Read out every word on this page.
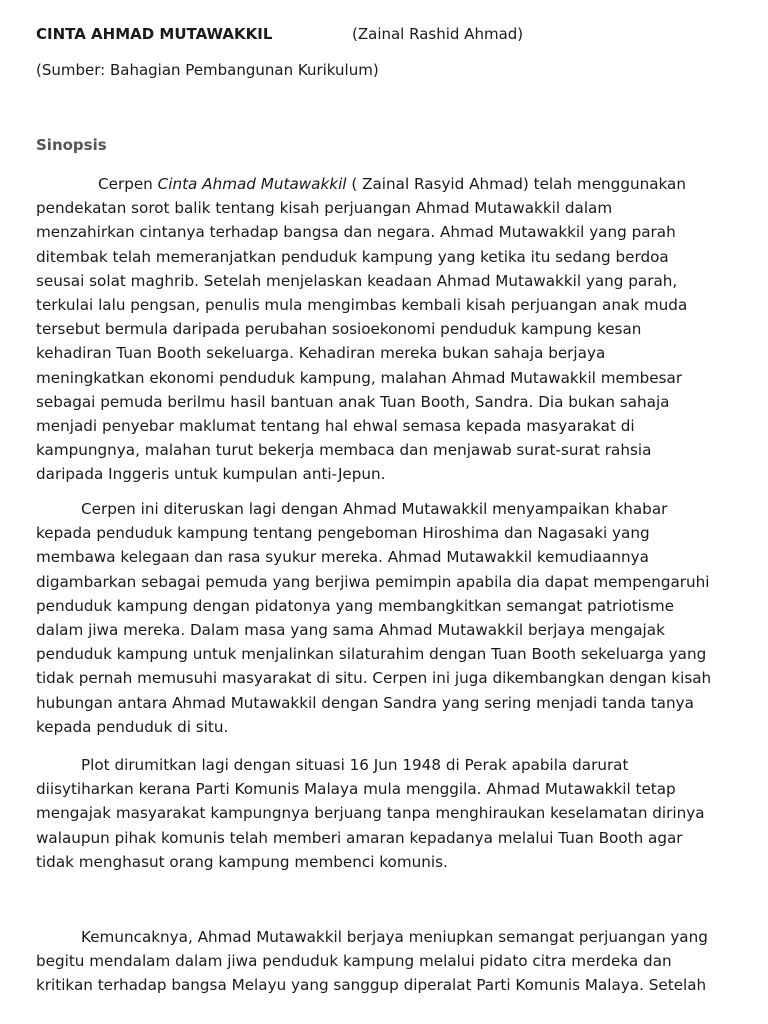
CINTA AHMAD MUTAWAKKIL	(Zainal Rashid Ahmad)
(Sumber: Bahagian Pembangunan Kurikulum)
Sinopsis
Cerpen Cinta Ahmad Mutawakkil ( Zainal Rasyid Ahmad) telah menggunakan
pendekatan sorot balik tentang kisah perjuangan Ahmad Mutawakkil dalam
menzahirkan cintanya terhadap bangsa dan negara. Ahmad Mutawakkil yang parah
ditembak telah memeranjatkan penduduk kampung yang ketika itu sedang berdoa
seusai solat maghrib. Setelah menjelaskan keadaan Ahmad Mutawakkil yang parah,
terkulai lalu pengsan, penulis mula mengimbas kembali kisah perjuangan anak muda
tersebut bermula daripada perubahan sosioekonomi penduduk kampung kesan
kehadiran Tuan Booth sekeluarga. Kehadiran mereka bukan sahaja berjaya
meningkatkan ekonomi penduduk kampung, malahan Ahmad Mutawakkil membesar
sebagai pemuda berilmu hasil bantuan anak Tuan Booth, Sandra. Dia bukan sahaja
menjadi penyebar maklumat tentang hal ehwal semasa kepada masyarakat di
kampungnya, malahan turut bekerja membaca dan menjawab surat-surat rahsia
daripada Inggeris untuk kumpulan anti-Jepun.
Cerpen ini diteruskan lagi dengan Ahmad Mutawakkil menyampaikan khabar
kepada penduduk kampung tentang pengeboman Hiroshima dan Nagasaki yang
membawa kelegaan dan rasa syukur mereka. Ahmad Mutawakkil kemudiaannya
digambarkan sebagai pemuda yang berjiwa pemimpin apabila dia dapat mempengaruhi
penduduk kampung dengan pidatonya yang membangkitkan semangat patriotisme
dalam jiwa mereka. Dalam masa yang sama Ahmad Mutawakkil berjaya mengajak
penduduk kampung untuk menjalinkan silaturahim dengan Tuan Booth sekeluarga yang
tidak pernah memusuhi masyarakat di situ. Cerpen ini juga dikembangkan dengan kisah
hubungan antara Ahmad Mutawakkil dengan Sandra yang sering menjadi tanda tanya
kepada penduduk di situ.
Plot dirumitkan lagi dengan situasi 16 Jun 1948 di Perak apabila darurat
diisytiharkan kerana Parti Komunis Malaya mula menggila. Ahmad Mutawakkil tetap
mengajak masyarakat kampungnya berjuang tanpa menghiraukan keselamatan dirinya
walaupun pihak komunis telah memberi amaran kepadanya melalui Tuan Booth agar
tidak menghasut orang kampung membenci komunis.
Kemuncaknya, Ahmad Mutawakkil berjaya meniupkan semangat perjuangan yang
begitu mendalam dalam jiwa penduduk kampung melalui pidato citra merdeka dan
kritikan terhadap bangsa Melayu yang sanggup diperalat Parti Komunis Malaya. Setelah
